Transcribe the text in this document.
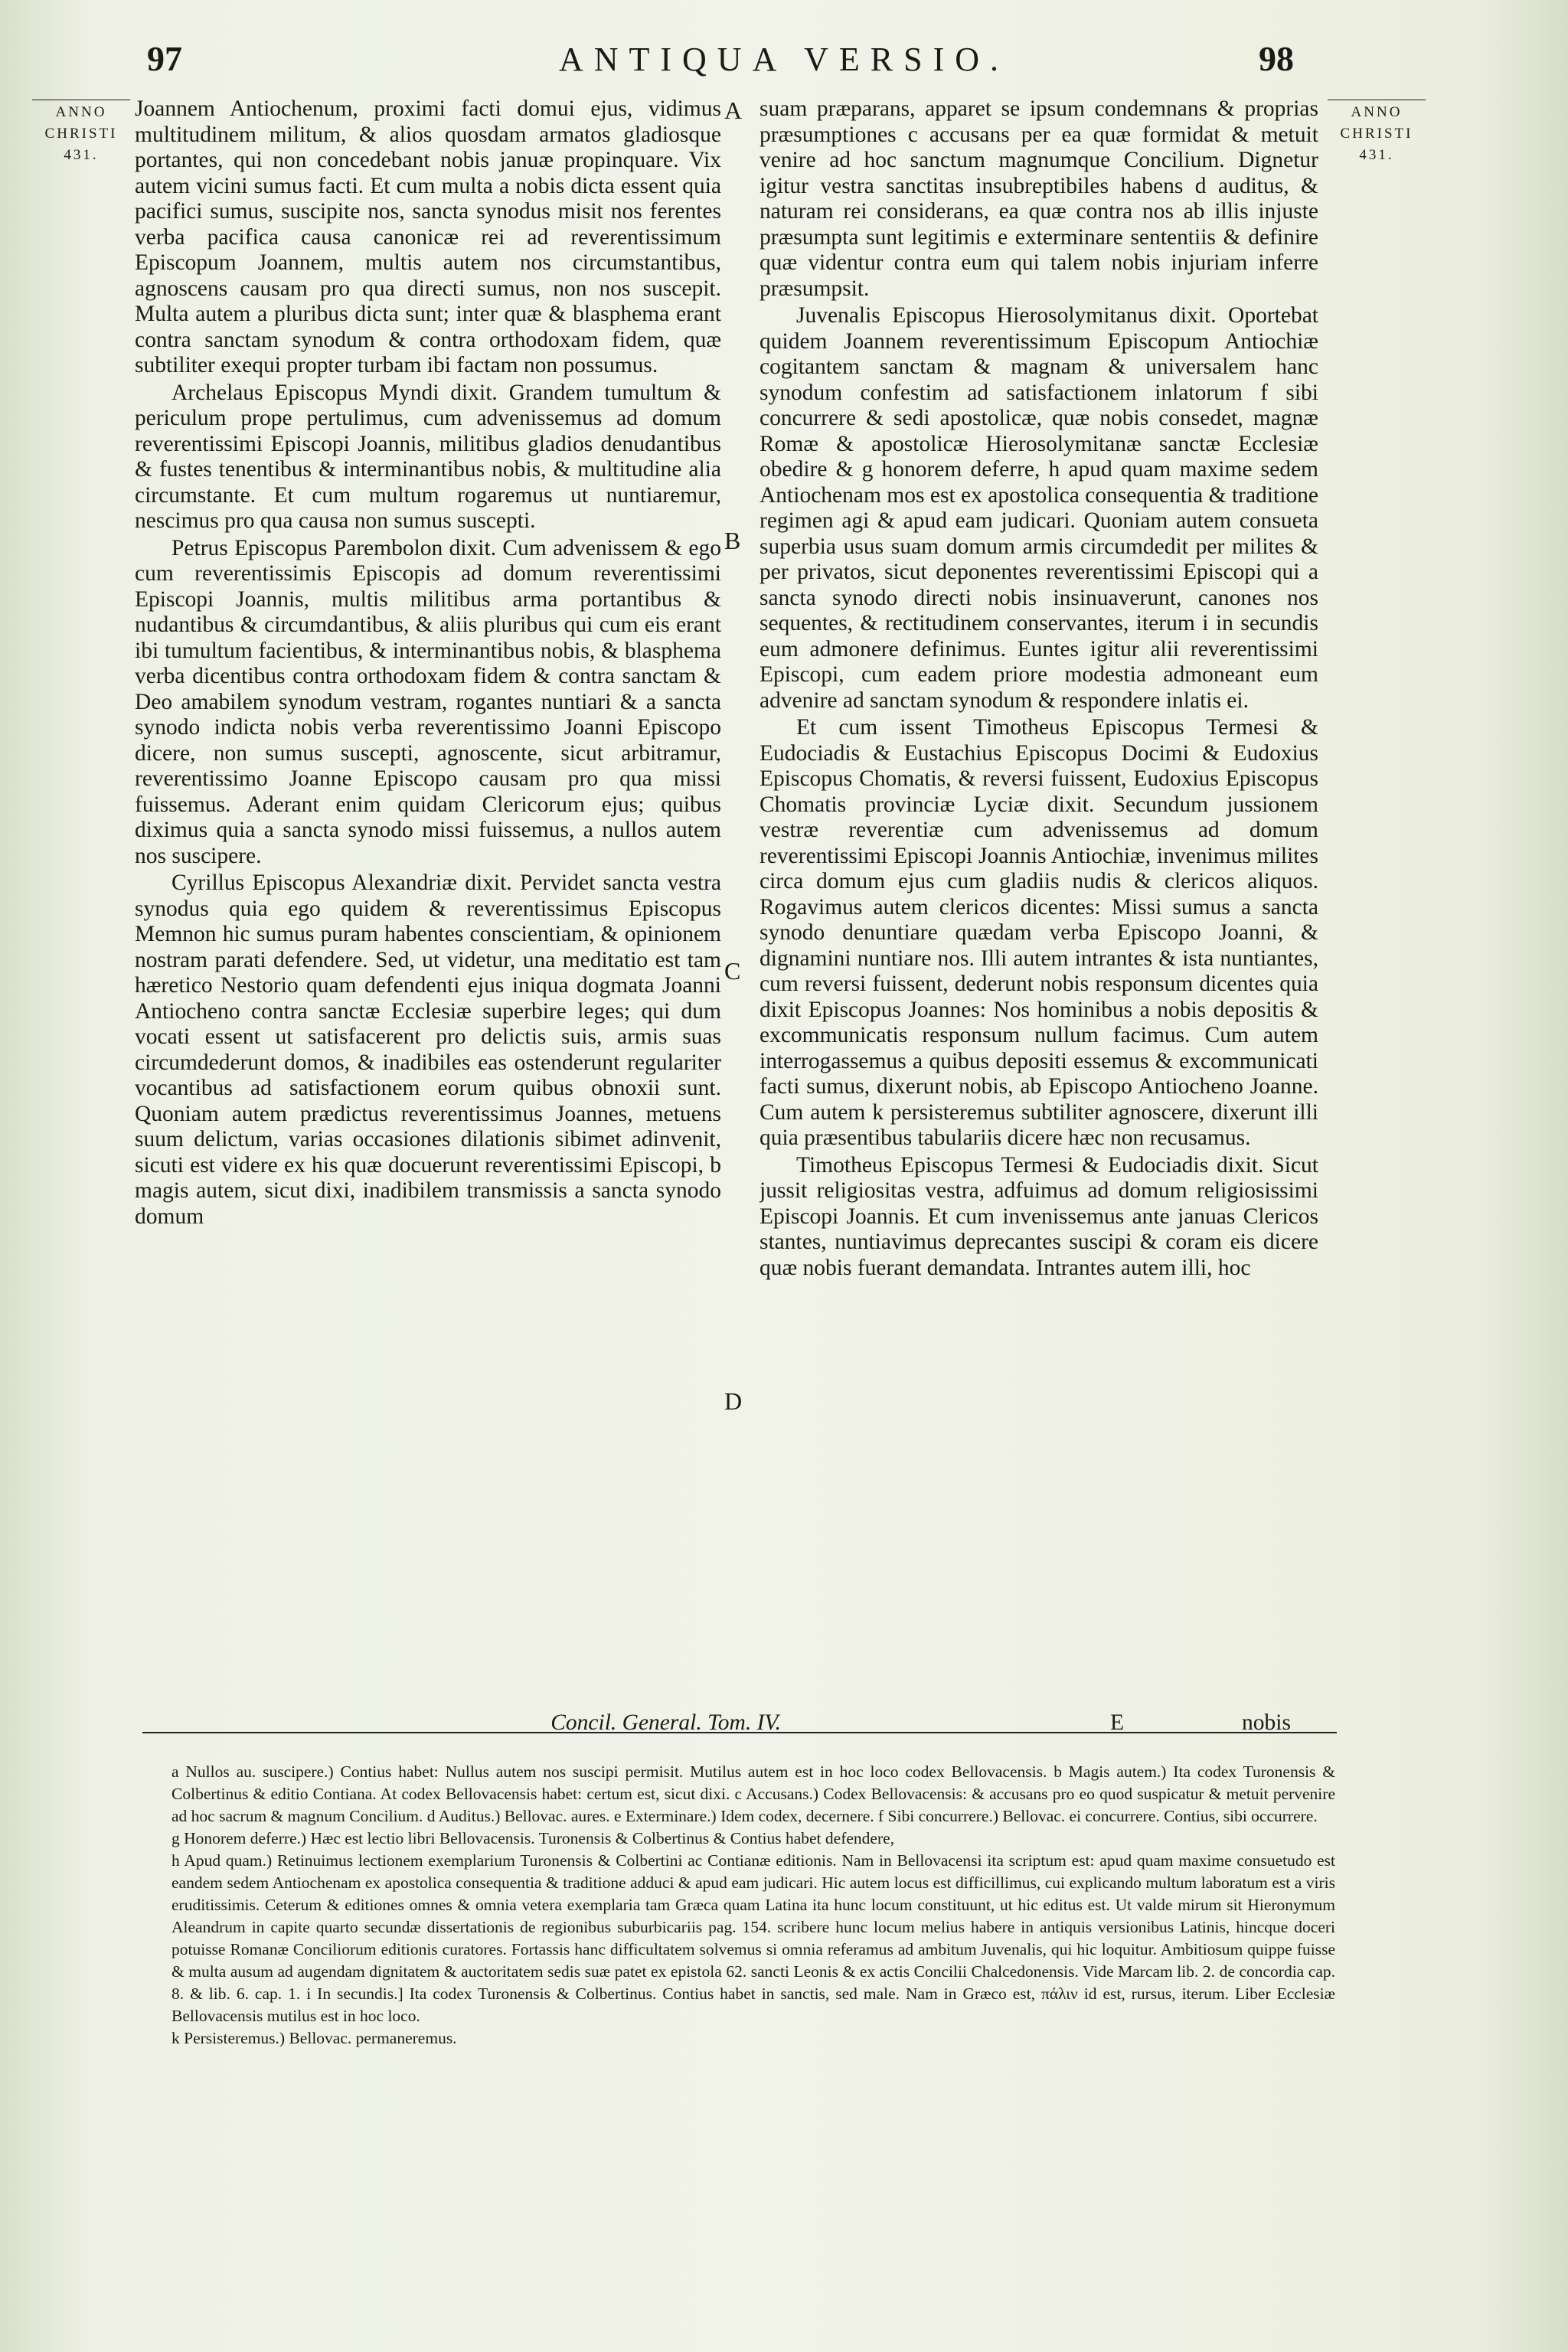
97	ANTIQUA VERSIO.	98
ANNO
CHRISTI
431.
ANNO
CHRISTI
431.

Joannem Antiochenum, proximi facti domui ejus, vidimus multitudinem militum, & alios quosdam armatos gladiosque portantes, qui non concedebant nobis januæ propinquare. Vix autem vicini sumus facti. Et cum multa a nobis dicta essent quia pacifici sumus, suscipite nos, sancta synodus misit nos ferentes verba pacifica causa canonicæ rei ad reverentissimum Episcopum Joannem, multis autem nos circumstantibus, agnoscens causam pro qua directi sumus, non nos suscepit. Multa autem a pluribus dicta sunt; inter quæ & blasphema erant contra sanctam synodum & contra orthodoxam fidem, quæ subtiliter exequi propter turbam ibi factam non possumus.

Archelaus Episcopus Myndi dixit. Grandem tumultum & periculum prope pertulimus, cum advenissemus ad domum reverentissimi Episcopi Joannis, militibus gladios denudantibus & fustes tenentibus & interminantibus nobis, & multitudine alia circumstante. Et cum multum rogaremus ut nuntiaremur, nescimus pro qua causa non sumus suscepti.

Petrus Episcopus Parembolon dixit. Cum advenissem & ego cum reverentissimis Episcopis ad domum reverentissimi Episcopi Joannis, multis militibus arma portantibus & nudantibus & circumdantibus, & aliis pluribus qui cum eis erant ibi tumultum facientibus, & interminantibus nobis, & blasphema verba dicentibus contra orthodoxam fidem & contra sanctam & Deo amabilem synodum vestram, rogantes nuntiari & a sancta synodo indicta nobis verba reverentissimo Joanni Episcopo dicere, non sumus suscepti, agnoscente, sicut arbitramur, reverentissimo Joanne Episcopo causam pro qua missi fuissemus. Aderant enim quidam Clericorum ejus; quibus diximus quia a sancta synodo missi fuissemus, a nullos autem nos suscipere.

Cyrillus Episcopus Alexandriæ dixit. Pervidet sancta vestra synodus quia ego quidem & reverentissimus Episcopus Memnon hic sumus puram habentes conscientiam, & opinionem nostram parati defendere. Sed, ut videtur, una meditatio est tam hæretico Nestorio quam defendenti ejus iniqua dogmata Joanni Antiocheno contra sanctæ Ecclesiæ superbire leges; qui dum vocati essent ut satisfacerent pro delictis suis, armis suas circumdederunt domos, & inadibiles eas ostenderunt regulariter vocantibus ad satisfactionem eorum quibus obnoxii sunt. Quoniam autem prædictus reverentissimus Joannes, metuens suum delictum, varias occasiones dilationis sibimet adinvenit, sicuti est videre ex his quæ docuerunt reverentissimi Episcopi, b magis autem, sicut dixi, inadibilem transmissis a sancta synodo domum

Concil. General. Tom. IV.
A
B
C
D

suam præparans, apparet se ipsum condemnans & proprias præsumptiones c accusans per ea quæ formidat & metuit venire ad hoc sanctum magnumque Concilium. Dignetur igitur vestra sanctitas insubreptibiles habens d auditus, & naturam rei considerans, ea quæ contra nos ab illis injuste præsumpta sunt legitimis e exterminare sententiis & definire quæ videntur contra eum qui talem nobis injuriam inferre præsumpsit.

Juvenalis Episcopus Hierosolymitanus dixit. Oportebat quidem Joannem reverentissimum Episcopum Antiochiæ cogitantem sanctam & magnam & universalem hanc synodum confestim ad satisfactionem inlatorum f sibi concurrere & sedi apostolicæ, quæ nobis consedet, magnæ Romæ & apostolicæ Hierosolymitanæ sanctæ Ecclesiæ obedire & g honorem deferre, h apud quam maxime sedem Antiochenam mos est ex apostolica consequentia & traditione regimen agi & apud eam judicari. Quoniam autem consueta superbia usus suam domum armis circumdedit per milites & per privatos, sicut deponentes reverentissimi Episcopi qui a sancta synodo directi nobis insinuaverunt, canones nos sequentes, & rectitudinem conservantes, iterum i in secundis eum admonere definimus. Euntes igitur alii reverentissimi Episcopi, cum eadem priore modestia admoneant eum advenire ad sanctam synodum & respondere inlatis ei.

Et cum issent Timotheus Episcopus Termesi & Eudociadis & Eustachius Episcopus Docimi & Eudoxius Episcopus Chomatis, & reversi fuissent, Eudoxius Episcopus Chomatis provinciæ Lyciæ dixit. Secundum jussionem vestræ reverentiæ cum advenissemus ad domum reverentissimi Episcopi Joannis Antiochiæ, invenimus milites circa domum ejus cum gladiis nudis & clericos aliquos. Rogavimus autem clericos dicentes: Missi sumus a sancta synodo denuntiare quædam verba Episcopo Joanni, & dignamini nuntiare nos. Illi autem intrantes & ista nuntiantes, cum reversi fuissent, dederunt nobis responsum dicentes quia dixit Episcopus Joannes: Nos hominibus a nobis depositis & excommunicatis responsum nullum facimus. Cum autem interrogassemus a quibus depositi essemus & excommunicati facti sumus, dixerunt nobis, ab Episcopo Antiocheno Joanne. Cum autem k persisteremus subtiliter agnoscere, dixerunt illi quia præsentibus tabulariis dicere hæc non recusamus.

Timotheus Episcopus Termesi & Eudociadis dixit. Sicut jussit religiositas vestra, adfuimus ad domum religiosissimi Episcopi Joannis. Et cum invenissemus ante januas Clericos stantes, nuntiavimus deprecantes suscipi & coram eis dicere quæ nobis fuerant demandata. Intrantes autem illi, hoc

E	nobis

a Nullos au. suscipere.) Contius habet: Nullus autem nos suscipi permisit. Mutilus autem est in hoc loco codex Bellovacensis. b Magis autem.) Ita codex Turonensis & Colbertinus & editio Contiana. At codex Bellovacensis habet: certum est, sicut dixi. c Accusans.) Codex Bellovacensis: & accusans pro eo quod suspicatur & metuit pervenire ad hoc sacrum & magnum Concilium. d Auditus.) Bellovac. aures. e Exterminare.) Idem codex, decernere. f Sibi concurrere.) Bellovac. ei concurrere. Contius, sibi occurrere.

g Honorem deferre.) Hæc est lectio libri Bellovacensis. Turonensis & Colbertinus & Contius habet defendere,

h Apud quam.) Retinuimus lectionem exemplarium Turonensis & Colbertini ac Contianæ editionis. Nam in Bellovacensi ita scriptum est: apud quam maxime consuetudo est eandem sedem Antiochenam ex apostolica consequentia & traditione adduci & apud eam judicari. Hic autem locus est difficillimus, cui explicando multum laboratum est a viris eruditissimis. Ceterum & editiones omnes & omnia vetera exemplaria tam Græca quam Latina ita hunc locum constituunt, ut hic editus est. Ut valde mirum sit Hieronymum Aleandrum in capite quarto secundæ dissertationis de regionibus suburbicariis pag. 154. scribere hunc locum melius habere in antiquis versionibus Latinis, hincque doceri potuisse Romanæ Conciliorum editionis curatores. Fortassis hanc difficultatem solvemus si omnia referamus ad ambitum Juvenalis, qui hic loquitur. Ambitiosum quippe fuisse & multa ausum ad augendam dignitatem & auctoritatem sedis suæ patet ex epistola 62. sancti Leonis & ex actis Concilii Chalcedonensis. Vide Marcam lib. 2. de concordia cap. 8. & lib. 6. cap. 1. i In secundis.] Ita codex Turonensis & Colbertinus. Contius habet in sanctis, sed male. Nam in Græco est, πάλιν id est, rursus, iterum. Liber Ecclesiæ Bellovacensis mutilus est in hoc loco.

k Persisteremus.) Bellovac. permaneremus.
